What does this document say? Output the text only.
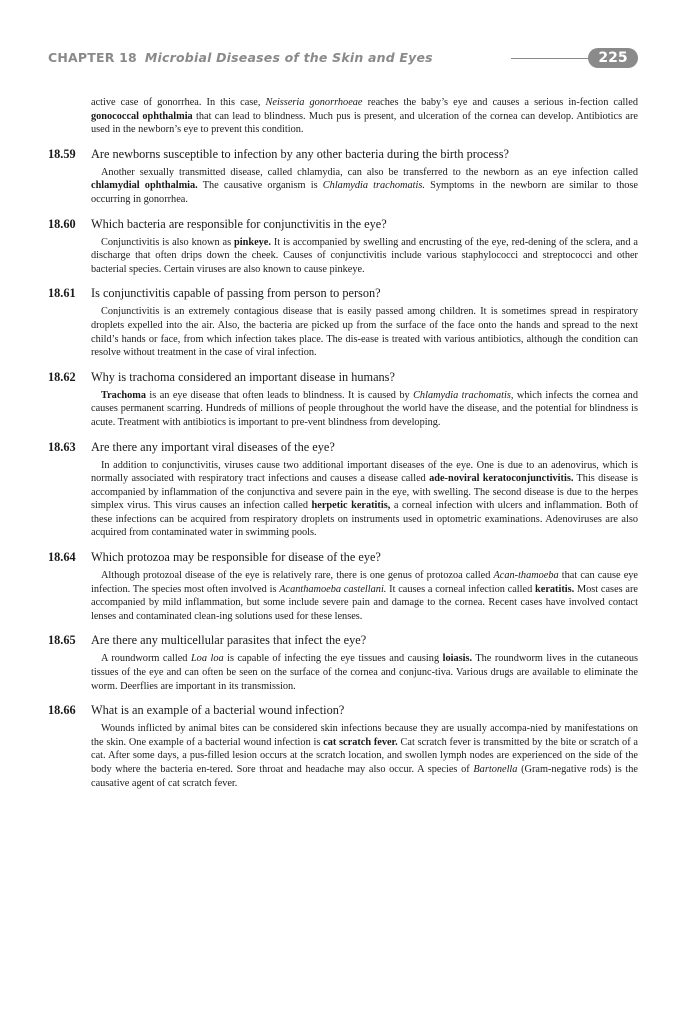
CHAPTER 18 Microbial Diseases of the Skin and Eyes	225

active case of gonorrhea. In this case, Neisseria gonorrhoeae reaches the baby’s eye and causes a serious in-fection called gonococcal ophthalmia that can lead to blindness. Much pus is present, and ulceration of the cornea can develop. Antibiotics are used in the newborn’s eye to prevent this condition.

18.59	Are newborns susceptible to infection by any other bacteria during the birth process?

Another sexually transmitted disease, called chlamydia, can also be transferred to the newborn as an eye infection called chlamydial ophthalmia. The causative organism is Chlamydia trachomatis. Symptoms in the newborn are similar to those occurring in gonorrhea.

18.60	Which bacteria are responsible for conjunctivitis in the eye?

Conjunctivitis is also known as pinkeye. It is accompanied by swelling and encrusting of the eye, red-dening of the sclera, and a discharge that often drips down the cheek. Causes of conjunctivitis include various staphylococci and streptococci and other bacterial species. Certain viruses are also known to cause pinkeye.

18.61	Is conjunctivitis capable of passing from person to person?

Conjunctivitis is an extremely contagious disease that is easily passed among children. It is sometimes spread in respiratory droplets expelled into the air. Also, the bacteria are picked up from the surface of the face onto the hands and spread to the next child’s hands or face, from which infection takes place. The dis-ease is treated with various antibiotics, although the condition can resolve without treatment in the case of viral infection.

18.62	Why is trachoma considered an important disease in humans?

Trachoma is an eye disease that often leads to blindness. It is caused by Chlamydia trachomatis, which infects the cornea and causes permanent scarring. Hundreds of millions of people throughout the world have the disease, and the potential for blindness is acute. Treatment with antibiotics is important to pre-vent blindness from developing.

18.63	Are there any important viral diseases of the eye?

In addition to conjunctivitis, viruses cause two additional important diseases of the eye. One is due to an adenovirus, which is normally associated with respiratory tract infections and causes a disease called ade-noviral keratoconjunctivitis. This disease is accompanied by inflammation of the conjunctiva and severe pain in the eye, with swelling. The second disease is due to the herpes simplex virus. This virus causes an infection called herpetic keratitis, a corneal infection with ulcers and inflammation. Both of these infections can be acquired from respiratory droplets on instruments used in optometric examinations. Adenoviruses are also acquired from contaminated water in swimming pools.

18.64	Which protozoa may be responsible for disease of the eye?

Although protozoal disease of the eye is relatively rare, there is one genus of protozoa called Acan-thamoeba that can cause eye infection. The species most often involved is Acanthamoeba castellani. It causes a corneal infection called keratitis. Most cases are accompanied by mild inflammation, but some include severe pain and damage to the cornea. Recent cases have involved contact lenses and contaminated clean-ing solutions used for these lenses.

18.65	Are there any multicellular parasites that infect the eye?

A roundworm called Loa loa is capable of infecting the eye tissues and causing loiasis. The roundworm lives in the cutaneous tissues of the eye and can often be seen on the surface of the cornea and conjunc-tiva. Various drugs are available to eliminate the worm. Deerflies are important in its transmission.

18.66	What is an example of a bacterial wound infection?

Wounds inflicted by animal bites can be considered skin infections because they are usually accompa-nied by manifestations on the skin. One example of a bacterial wound infection is cat scratch fever. Cat scratch fever is transmitted by the bite or scratch of a cat. After some days, a pus-filled lesion occurs at the scratch location, and swollen lymph nodes are experienced on the side of the body where the bacteria en-tered. Sore throat and headache may also occur. A species of Bartonella (Gram-negative rods) is the causative agent of cat scratch fever.
